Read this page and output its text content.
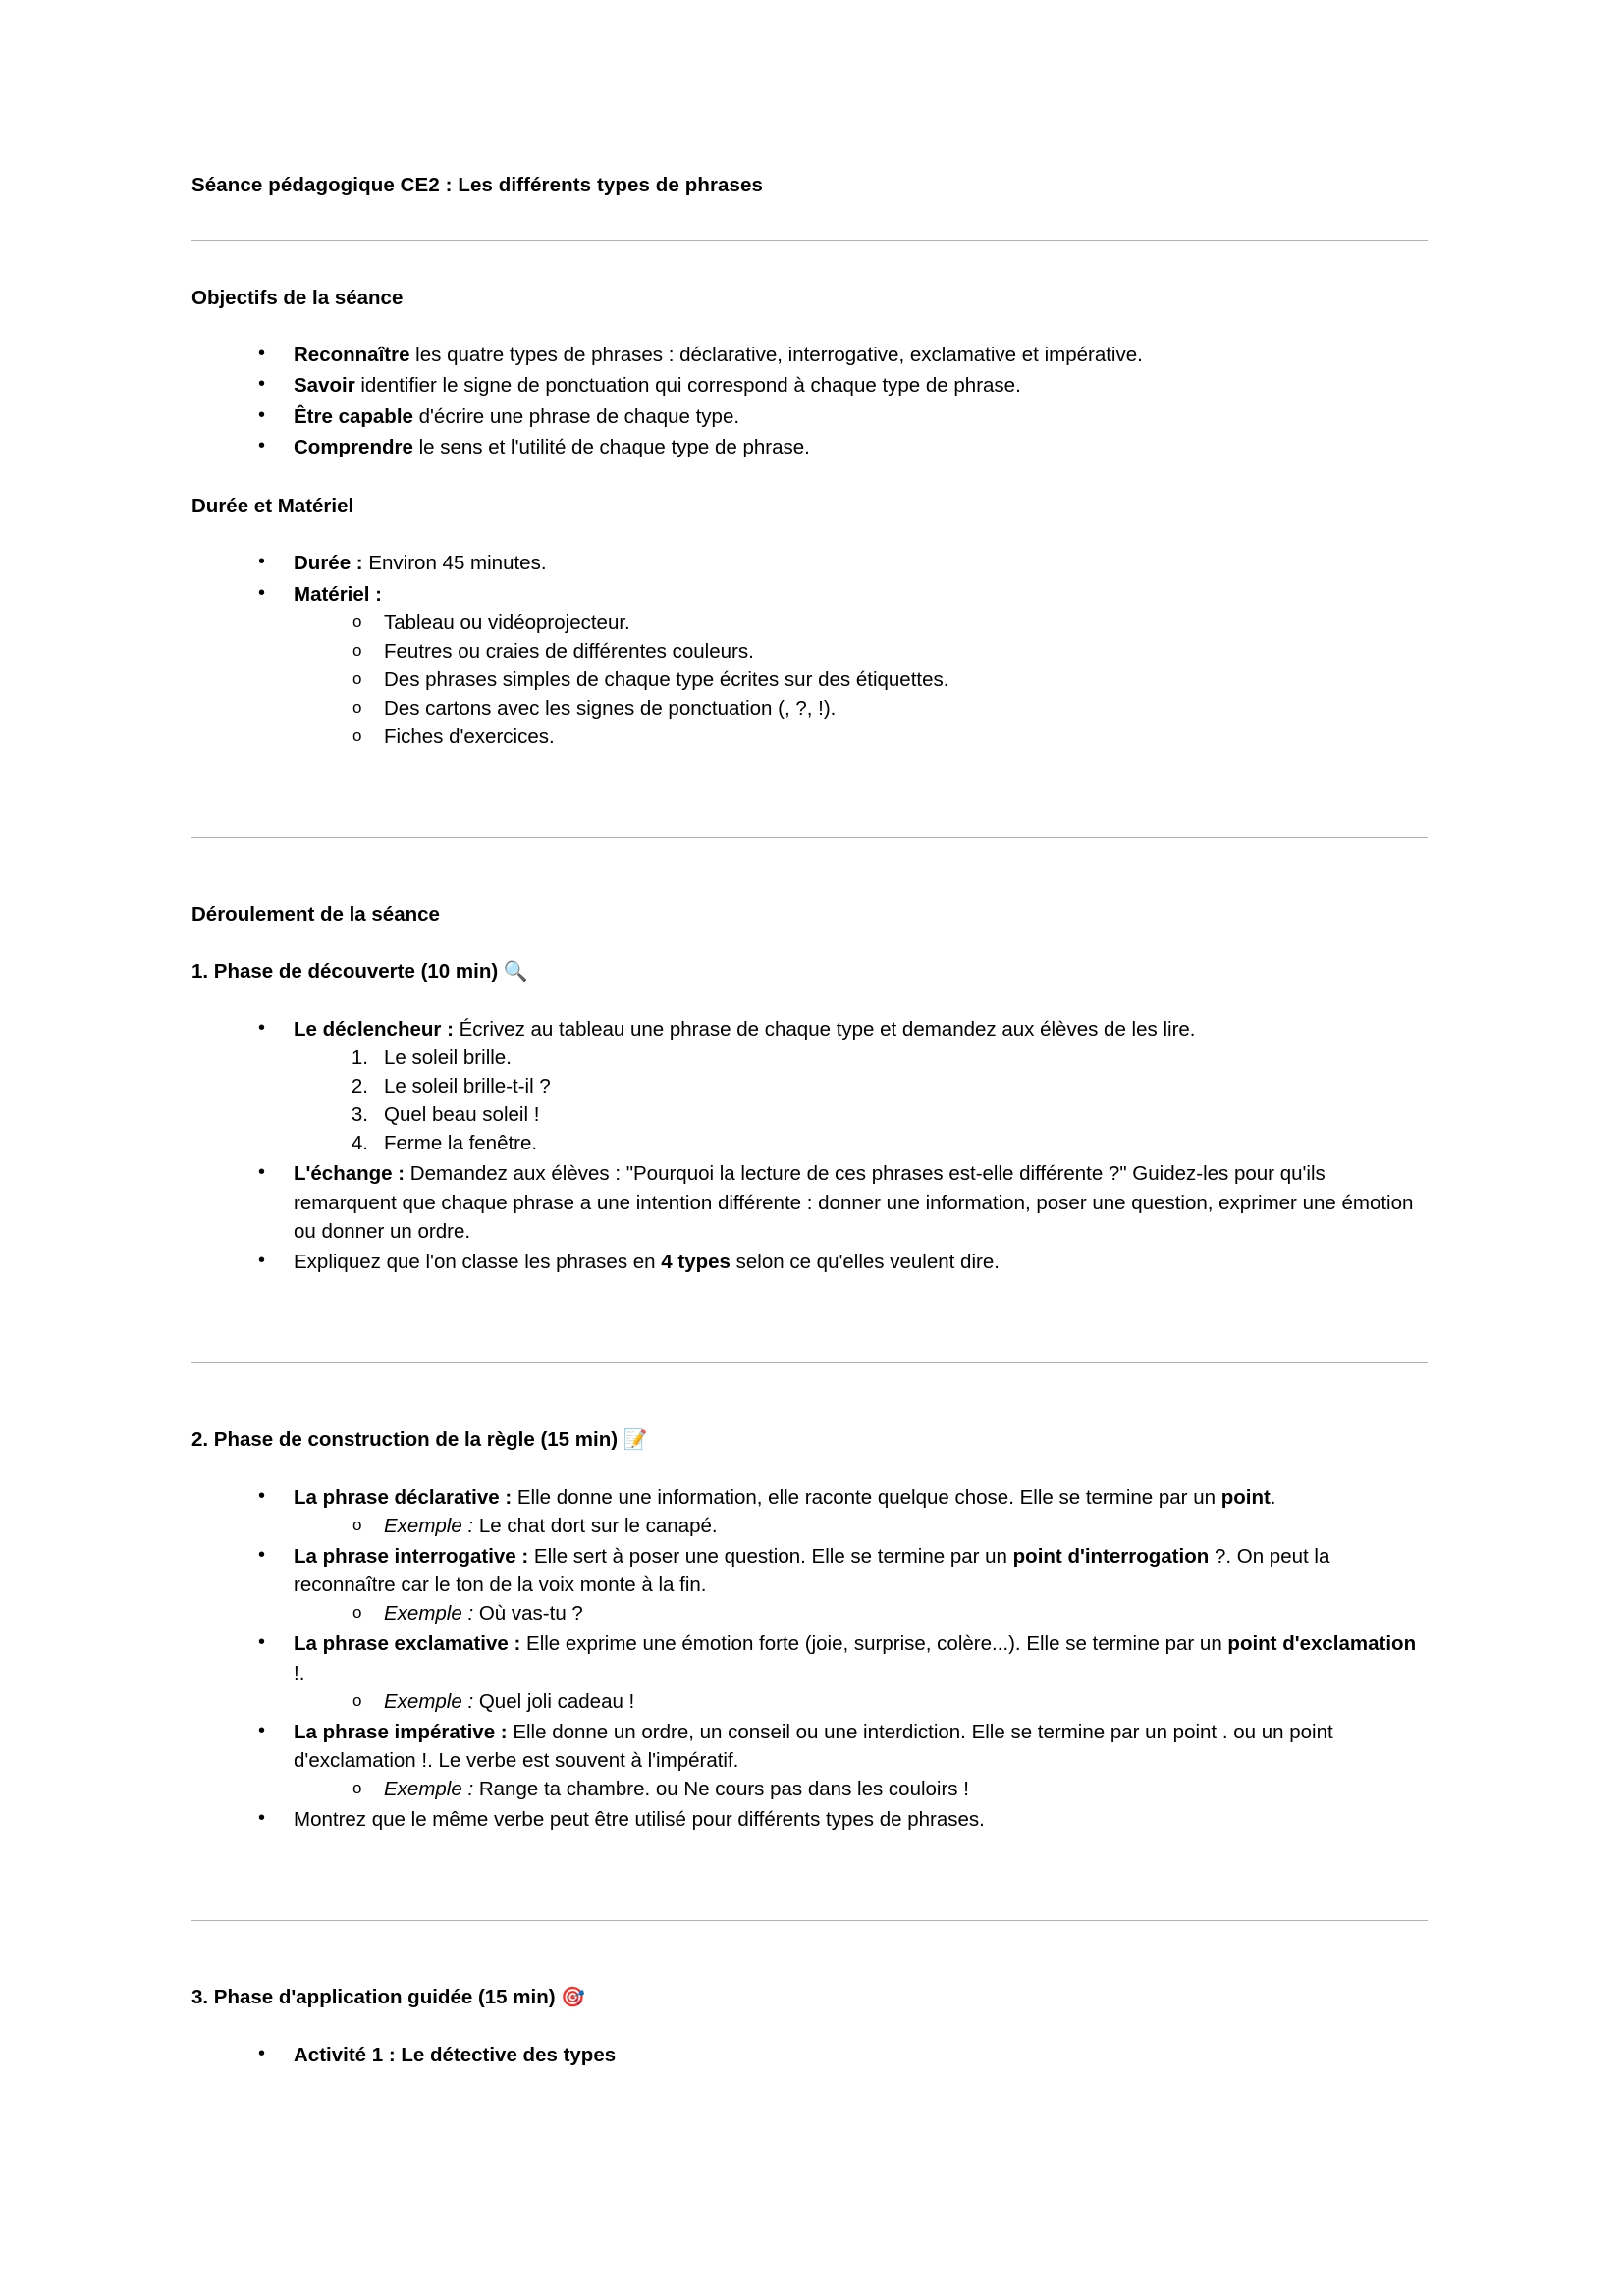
Séance pédagogique CE2 : Les différents types de phrases
Objectifs de la séance
• Reconnaître les quatre types de phrases : déclarative, interrogative, exclamative et impérative.
• Savoir identifier le signe de ponctuation qui correspond à chaque type de phrase.
• Être capable d'écrire une phrase de chaque type.
• Comprendre le sens et l'utilité de chaque type de phrase.
Durée et Matériel
• Durée : Environ 45 minutes.
• Matériel :
o Tableau ou vidéoprojecteur.
o Feutres ou craies de différentes couleurs.
o Des phrases simples de chaque type écrites sur des étiquettes.
o Des cartons avec les signes de ponctuation (, ?, !).
o Fiches d'exercices.
Déroulement de la séance
1. Phase de découverte (10 min) 🔍
• Le déclencheur : Écrivez au tableau une phrase de chaque type et demandez aux élèves de les lire.
Le soleil brille.
Le soleil brille-t-il ?
Quel beau soleil !
Ferme la fenêtre.
• L'échange : Demandez aux élèves : "Pourquoi la lecture de ces phrases est-elle différente ?" Guidez-les pour qu'ils remarquent que chaque phrase a une intention différente : donner une information, poser une question, exprimer une émotion ou donner un ordre.
• Expliquez que l'on classe les phrases en 4 types selon ce qu'elles veulent dire.
2. Phase de construction de la règle (15 min) 📝
• La phrase déclarative : Elle donne une information, elle raconte quelque chose. Elle se termine par un point.
o Exemple : Le chat dort sur le canapé.
• La phrase interrogative : Elle sert à poser une question. Elle se termine par un point d'interrogation ?. On peut la reconnaître car le ton de la voix monte à la fin.
o Exemple : Où vas-tu ?
• La phrase exclamative : Elle exprime une émotion forte (joie, surprise, colère...). Elle se termine par un point d'exclamation !.
o Exemple : Quel joli cadeau !
• La phrase impérative : Elle donne un ordre, un conseil ou une interdiction. Elle se termine par un point . ou un point d'exclamation !. Le verbe est souvent à l'impératif.
o Exemple : Range ta chambre. ou Ne cours pas dans les couloirs !
• Montrez que le même verbe peut être utilisé pour différents types de phrases.
3. Phase d'application guidée (15 min) 🎯
• Activité 1 : Le détective des types
